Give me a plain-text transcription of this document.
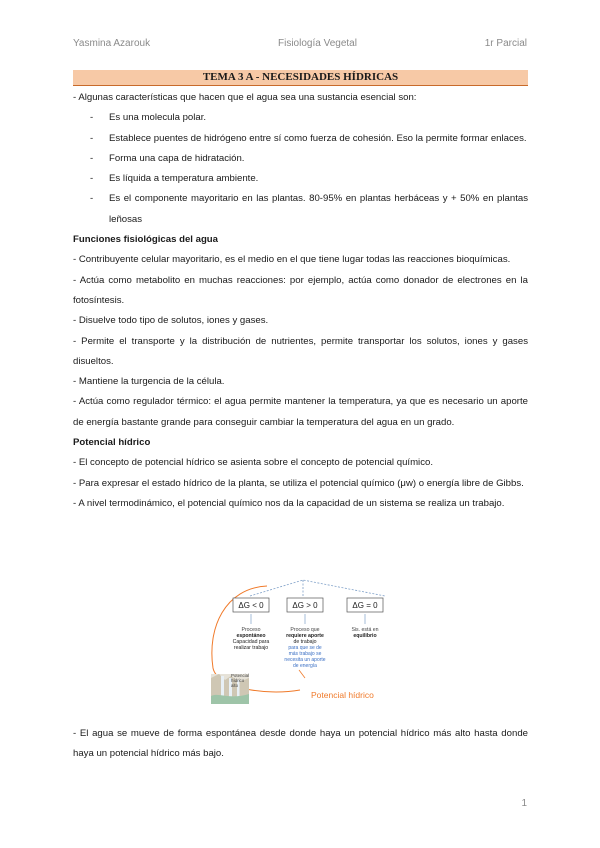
Yasmina Azarouk	Fisiología Vegetal	1r Parcial
TEMA 3 A - NECESIDADES HÍDRICAS

- Algunas características que hacen que el agua sea una sustancia esencial son:

- Es una molecula polar.
- Establece puentes de hidrógeno entre sí como fuerza de cohesión. Eso la permite formar enlaces.
- Forma una capa de hidratación.
- Es líquida a temperatura ambiente.
- Es el componente mayoritario en las plantas. 80-95% en plantas herbáceas y + 50% en plantas leñosas

Funciones fisiológicas del agua

- Contribuyente celular mayoritario, es el medio en el que tiene lugar todas las reacciones bioquímicas.

- Actúa como metabolito en muchas reacciones: por ejemplo, actúa como donador de electrones en la fotosíntesis.

- Disuelve todo tipo de solutos, iones y gases.

- Permite el transporte y la distribución de nutrientes, permite transportar los solutos, iones y gases disueltos.

- Mantiene la turgencia de la célula.

- Actúa como regulador térmico: el agua permite mantener la temperatura, ya que es necesario un aporte de energía bastante grande para conseguir cambiar la temperatura del agua en un grado.

Potencial hídrico

- El concepto de potencial hídrico se asienta sobre el concepto de potencial químico.

- Para expresar el estado hídrico de la planta, se utiliza el potencial químico (μw) o energía libre de Gibbs.

- A nivel termodinámico, el potencial químico nos da la capacidad de un sistema se realiza un trabajo.

ΔG < 0	ΔG > 0	ΔG = 0
Proceso
espontáneo
Capacidad para
realizar trabajo
Proceso que
requiere aporte
de trabajo
para que se de
más trabajo se
necesita un aporte
de energía
Sis. está en
equilibrio
Potencial
hídrico
alto
Potencial hídrico

- El agua se mueve de forma espontánea desde donde haya un potencial hídrico más alto hasta donde haya un potencial hídrico más bajo.

1
